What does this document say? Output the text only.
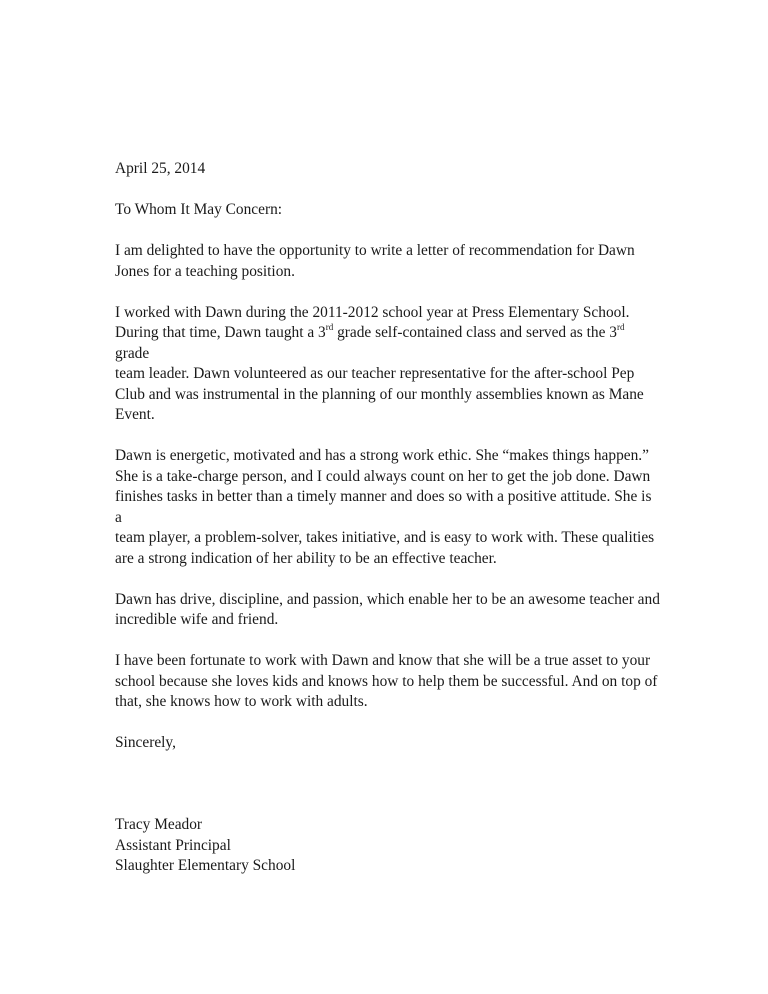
April 25, 2014

To Whom It May Concern:

I am delighted to have the opportunity to write a letter of recommendation for Dawn
Jones for a teaching position.

I worked with Dawn during the 2011-2012 school year at Press Elementary School.
During that time, Dawn taught a 3rd grade self-contained class and served as the 3rd grade
team leader. Dawn volunteered as our teacher representative for the after-school Pep
Club and was instrumental in the planning of our monthly assemblies known as Mane
Event.

Dawn is energetic, motivated and has a strong work ethic. She “makes things happen.”
She is a take-charge person, and I could always count on her to get the job done. Dawn
finishes tasks in better than a timely manner and does so with a positive attitude. She is a
team player, a problem-solver, takes initiative, and is easy to work with. These qualities
are a strong indication of her ability to be an effective teacher.

Dawn has drive, discipline, and passion, which enable her to be an awesome teacher and
incredible wife and friend.

I have been fortunate to work with Dawn and know that she will be a true asset to your
school because she loves kids and knows how to help them be successful. And on top of
that, she knows how to work with adults.

Sincerely,

Tracy Meador
Assistant Principal
Slaughter Elementary School
